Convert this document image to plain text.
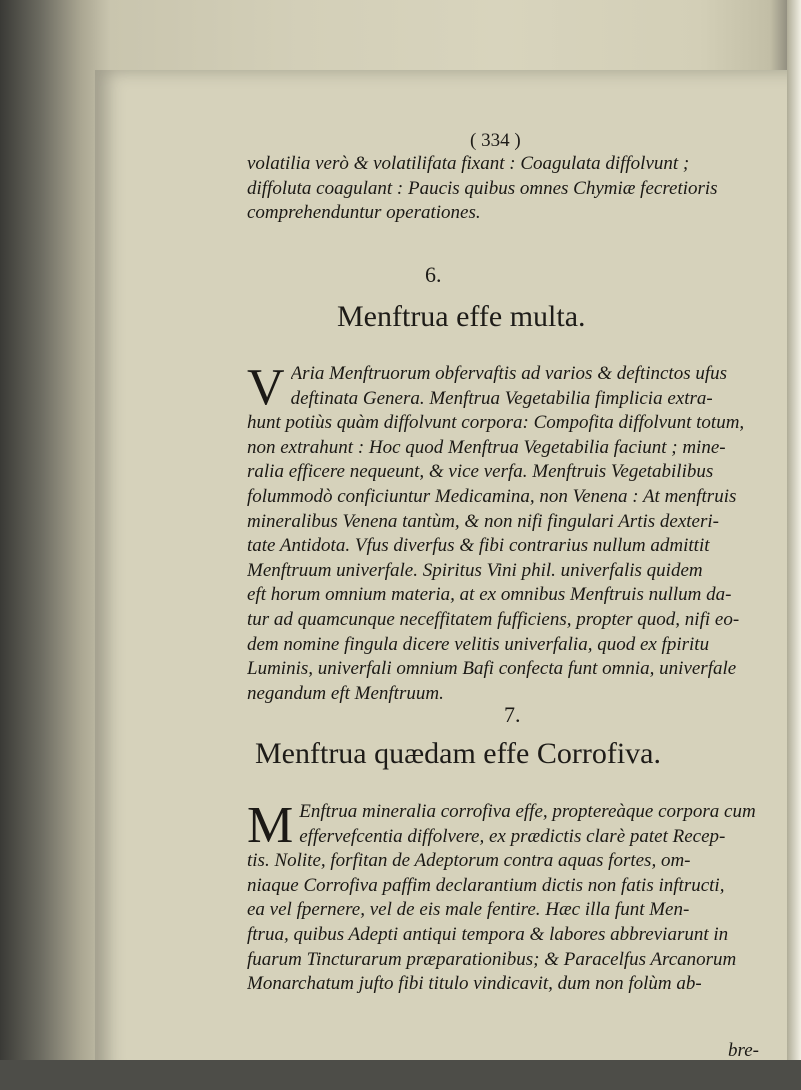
( 334 )
volatilia verò & volatilifata fixant : Coagulata diffolvunt ;
diffoluta coagulant : Paucis quibus omnes Chymiæ fecretioris
comprehenduntur operationes.
6.
Menftrua effe multa.
V Aria Menftruorum obfervaftis ad varios & deftinctos ufus
deftinata Genera. Menftrua Vegetabilia fimplicia extra-
hunt potiùs quàm diffolvunt corpora: Compofita diffolvunt totum,
non extrahunt : Hoc quod Menftrua Vegetabilia faciunt ; mine-
ralia efficere nequeunt, & vice verfa. Menftruis Vegetabilibus
folummodò conficiuntur Medicamina, non Venena : At menftruis
mineralibus Venena tantùm, & non nifi fingulari Artis dexteri-
tate Antidota. Vfus diverfus & fibi contrarius nullum admittit
Menftruum univerfale. Spiritus Vini phil. univerfalis quidem
eft horum omnium materia, at ex omnibus Menftruis nullum da-
tur ad quamcunque neceffitatem fufficiens, propter quod, nifi eo-
dem nomine fingula dicere velitis univerfalia, quod ex fpiritu
Luminis, univerfali omnium Bafi confecta funt omnia, univerfale
negandum eft Menftruum.
7.
Menftrua quædam effe Corrofiva.
M Enftrua mineralia corrofiva effe, proptereàque corpora cum
effervefcentia diffolvere, ex prædictis clarè patet Recep-
tis. Nolite, forfitan de Adeptorum contra aquas fortes, om-
niaque Corrofiva paffim declarantium dictis non fatis inftructi,
ea vel fpernere, vel de eis male fentire. Hæc illa funt Men-
ftrua, quibus Adepti antiqui tempora & labores abbreviarunt in
fuarum Tincturarum præparationibus; & Paracelfus Arcanorum
Monarchatum jufto fibi titulo vindicavit, dum non folùm ab-
bre-
